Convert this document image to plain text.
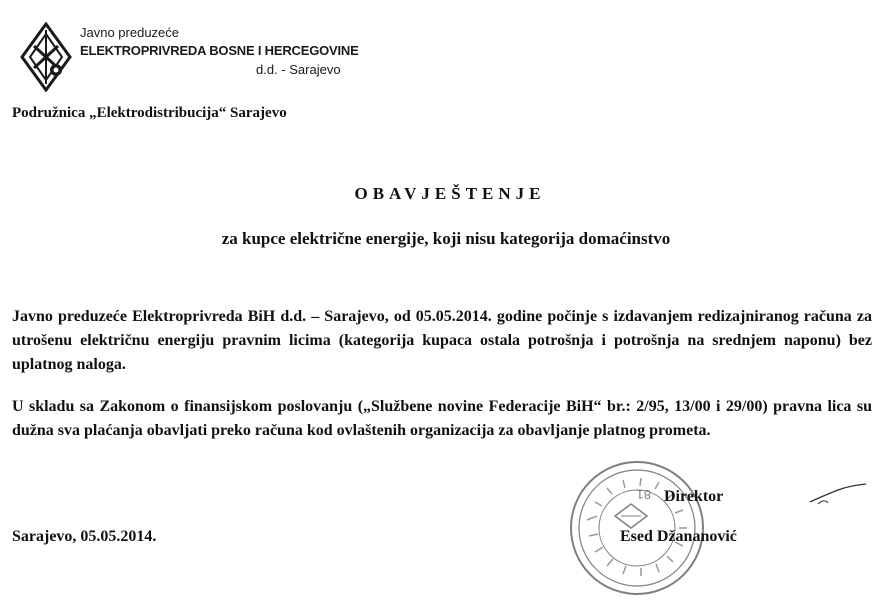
Javno preduzeće
ELEKTROPRIVREDA BOSNE I HERCEGOVINE
d.d. - Sarajevo
Podružnica „Elektrodistribucija“ Sarajevo
OBAVJEŠTENJE
za kupce električne energije, koji nisu kategorija domaćinstvo
Javno preduzeće Elektroprivreda BiH d.d. – Sarajevo, od 05.05.2014. godine počinje s izdavanjem redizajniranog računa za utrošenu električnu energiju pravnim licima (kategorija kupaca ostala potrošnja i potrošnja na srednjem naponu) bez uplatnog naloga.
U skladu sa Zakonom o finansijskom poslovanju („Službene novine Federacije BiH“ br.: 2/95, 13/00 i 29/00) pravna lica su dužna sva plaćanja obavljati preko računa kod ovlaštenih organizacija za obavljanje platnog prometa.
81 Direktor
Esed Džananović
Sarajevo, 05.05.2014.
